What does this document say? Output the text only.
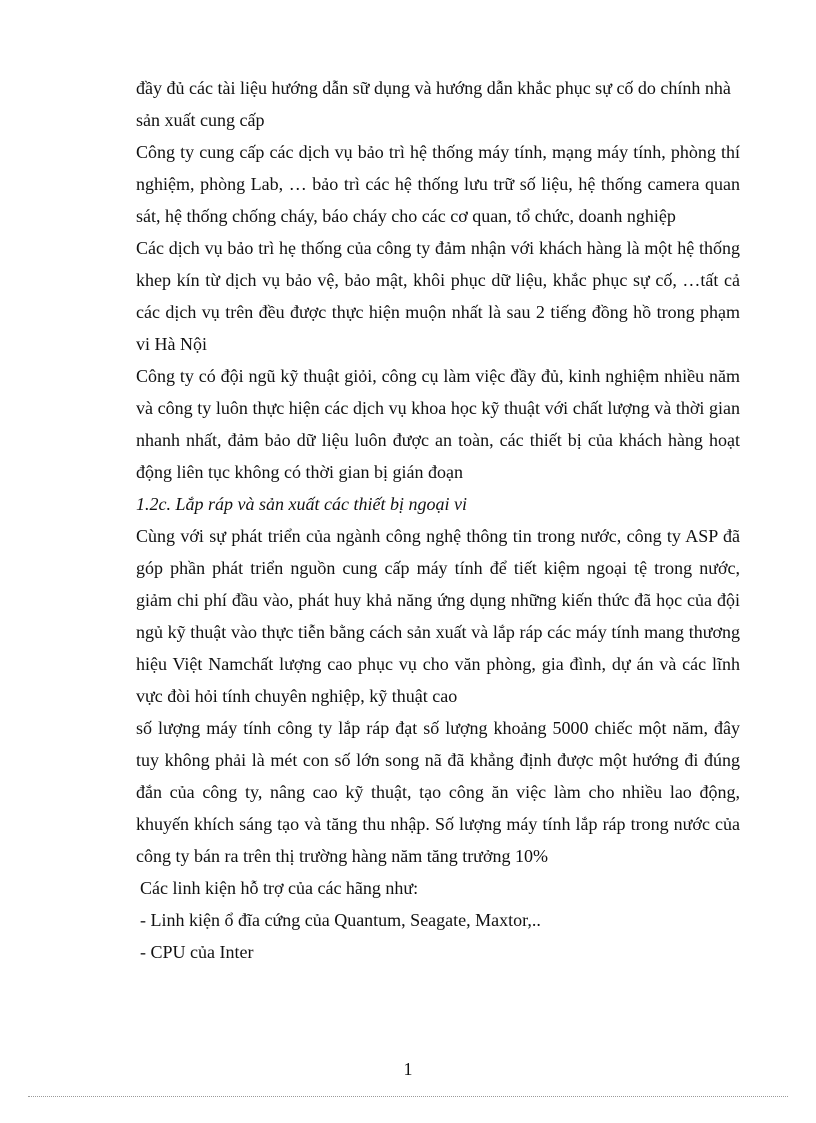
đầy đủ các tài liệu hướng dẫn sữ dụng và hướng dẫn khắc phục sự cố do chính nhà sản xuất cung cấp

Công ty cung cấp các dịch vụ bảo trì hệ thống máy tính, mạng máy tính, phòng thí nghiệm, phòng Lab, … bảo trì các hệ thống lưu trữ số liệu, hệ thống camera quan sát, hệ thống chống cháy, báo cháy cho các cơ quan, tổ chức, doanh nghiệp

Các dịch vụ bảo trì hẹ thống của công ty đảm nhận với khách hàng là một hệ thống khep kín từ dịch vụ bảo vệ, bảo mật, khôi phục dữ liệu, khắc phục sự cố, …tất cả các dịch vụ trên đều được thực hiện muộn nhất là sau 2 tiếng đồng hồ trong phạm vi Hà Nội

Công ty có đội ngũ kỹ thuật giỏi, công cụ làm việc đầy đủ, kinh nghiệm nhiều năm và công ty luôn thực hiện các dịch vụ khoa học kỹ thuật với chất lượng và thời gian nhanh nhất, đảm bảo dữ liệu luôn được an toàn, các thiết bị của khách hàng hoạt động liên tục không có thời gian bị gián đoạn

1.2c. Lắp ráp và sản xuất các thiết bị ngoại vi

Cùng với sự phát triển của ngành công nghệ thông tin trong nước, công ty ASP đã góp phần phát triển nguồn cung cấp máy tính để tiết kiệm ngoại tệ trong nước, giảm chi phí đầu vào, phát huy khả năng ứng dụng những kiến thức đã học của đội ngủ kỹ thuật vào thực tiễn bằng cách sản xuất và lắp ráp các máy tính mang thương hiệu Việt Namchất lượng cao phục vụ cho văn phòng, gia đình, dự án và các lĩnh vực đòi hỏi tính chuyên nghiệp, kỹ thuật cao

số lượng máy tính công ty lắp ráp đạt số lượng khoảng 5000 chiếc một năm, đây tuy không phải là mét con số lớn song nã đã khẳng định được một hướng đi đúng đắn của công ty, nâng cao kỹ thuật, tạo công ăn việc làm cho nhiều lao động, khuyến khích sáng tạo và tăng thu nhập. Số lượng máy tính lắp ráp trong nước của công ty bán ra trên thị trường hàng năm tăng trưởng 10%

Các linh kiện hỗ trợ của các hãng như:

- Linh kiện ổ đĩa cứng của Quantum, Seagate, Maxtor,..

- CPU của Inter

1
